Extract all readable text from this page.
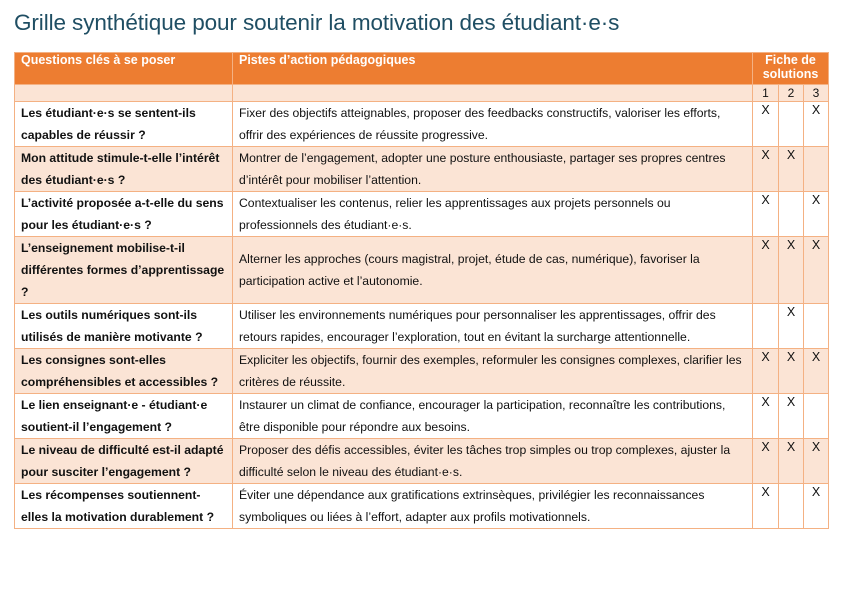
Grille synthétique pour soutenir la motivation des étudiant·e·s
Questions clés à se poser	Pistes d’action pédagogiques	Fiche de
solutions		

		1	2	3
Les étudiant·e·s se sentent-ils capables de réussir ?	Fixer des objectifs atteignables, proposer des feedbacks constructifs, valoriser les efforts, offrir des expériences de réussite progressive.	X		X
Mon attitude stimule-t-elle l’intérêt des étudiant·e·s ?	Montrer de l’engagement, adopter une posture enthousiaste, partager ses propres centres d’intérêt pour mobiliser l’attention.	X	X	
L’activité proposée a-t-elle du sens pour les étudiant·e·s ?	Contextualiser les contenus, relier les apprentissages aux projets personnels ou professionnels des étudiant·e·s.	X		X
L’enseignement mobilise-t-il différentes formes d’apprentissage ?	Alterner les approches (cours magistral, projet, étude de cas, numérique), favoriser la participation active et l’autonomie.	X	X	X
Les outils numériques sont-ils utilisés de manière motivante ?	Utiliser les environnements numériques pour personnaliser les apprentissages, offrir des retours rapides, encourager l’exploration, tout en évitant la surcharge attentionnelle.		X	
Les consignes sont-elles compréhensibles et accessibles ?	Expliciter les objectifs, fournir des exemples, reformuler les consignes complexes, clarifier les critères de réussite.	X	X	X
Le lien enseignant·e - étudiant·e soutient-il l’engagement ?	Instaurer un climat de confiance, encourager la participation, reconnaître les contributions, être disponible pour répondre aux besoins.	X	X	
Le niveau de difficulté est-il adapté pour susciter l’engagement ?	Proposer des défis accessibles, éviter les tâches trop simples ou trop complexes, ajuster la difficulté selon le niveau des étudiant·e·s.	X	X	X
Les récompenses soutiennent-elles la motivation durablement ?	Éviter une dépendance aux gratifications extrinsèques, privilégier les reconnaissances symboliques ou liées à l’effort, adapter aux profils motivationnels.	X		X
